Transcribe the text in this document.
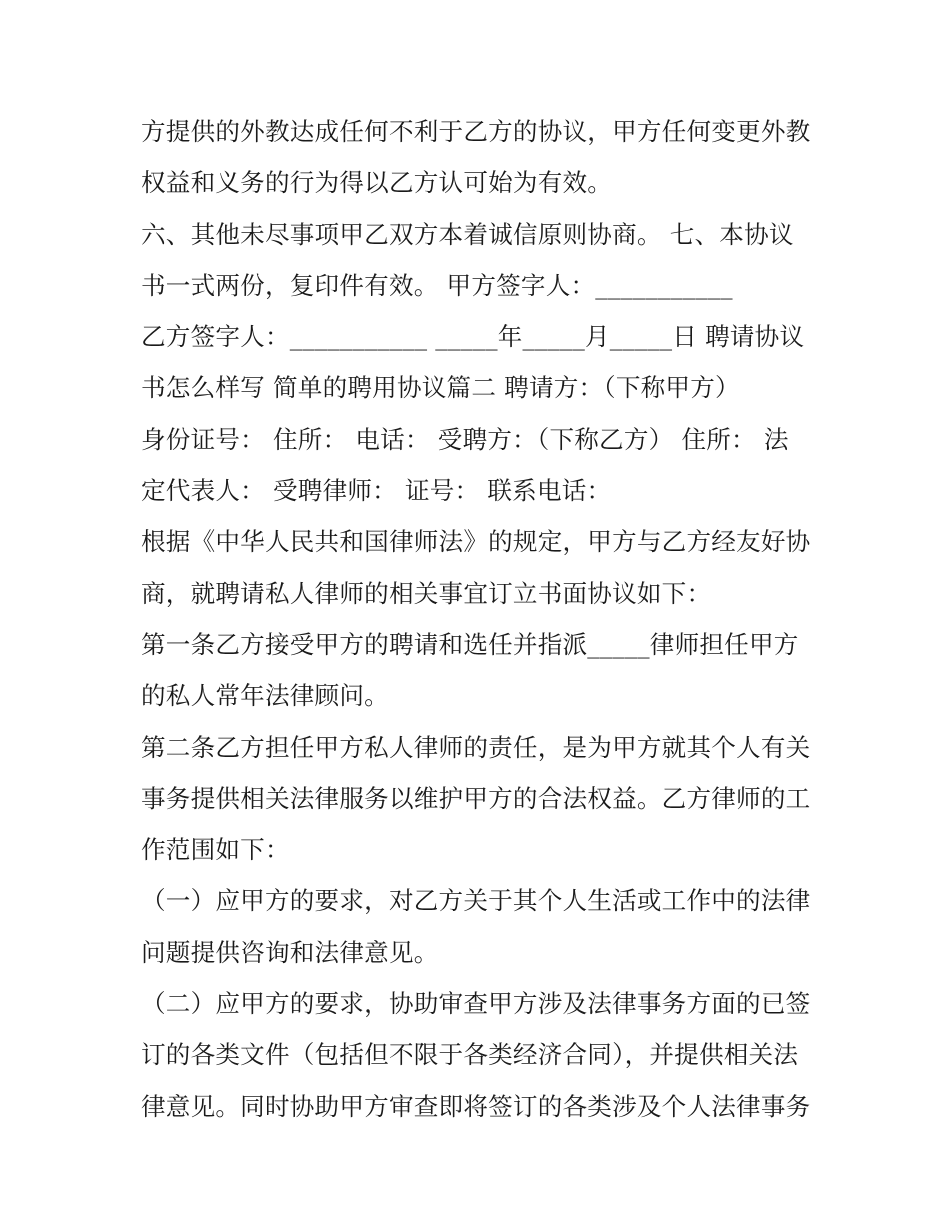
方提供的外教达成任何不利于乙方的协议，甲方任何变更外教
权益和义务的行为得以乙方认可始为有效。
六、其他未尽事项甲乙双方本着诚信原则协商。 七、本协议
书一式两份，复印件有效。 甲方签字人：___________
乙方签字人：___________ _____年_____月_____日 聘请协议
书怎么样写 简单的聘用协议篇二 聘请方：（下称甲方）
身份证号： 住所： 电话： 受聘方：（下称乙方） 住所： 法
定代表人： 受聘律师： 证号： 联系电话：
根据《中华人民共和国律师法》的规定，甲方与乙方经友好协
商，就聘请私人律师的相关事宜订立书面协议如下：
第一条乙方接受甲方的聘请和选任并指派_____律师担任甲方
的私人常年法律顾问。
第二条乙方担任甲方私人律师的责任，是为甲方就其个人有关
事务提供相关法律服务以维护甲方的合法权益。乙方律师的工
作范围如下：
（一）应甲方的要求，对乙方关于其个人生活或工作中的法律
问题提供咨询和法律意见。
（二）应甲方的要求，协助审查甲方涉及法律事务方面的已签
订的各类文件（包括但不限于各类经济合同），并提供相关法
律意见。同时协助甲方审查即将签订的各类涉及个人法律事务
